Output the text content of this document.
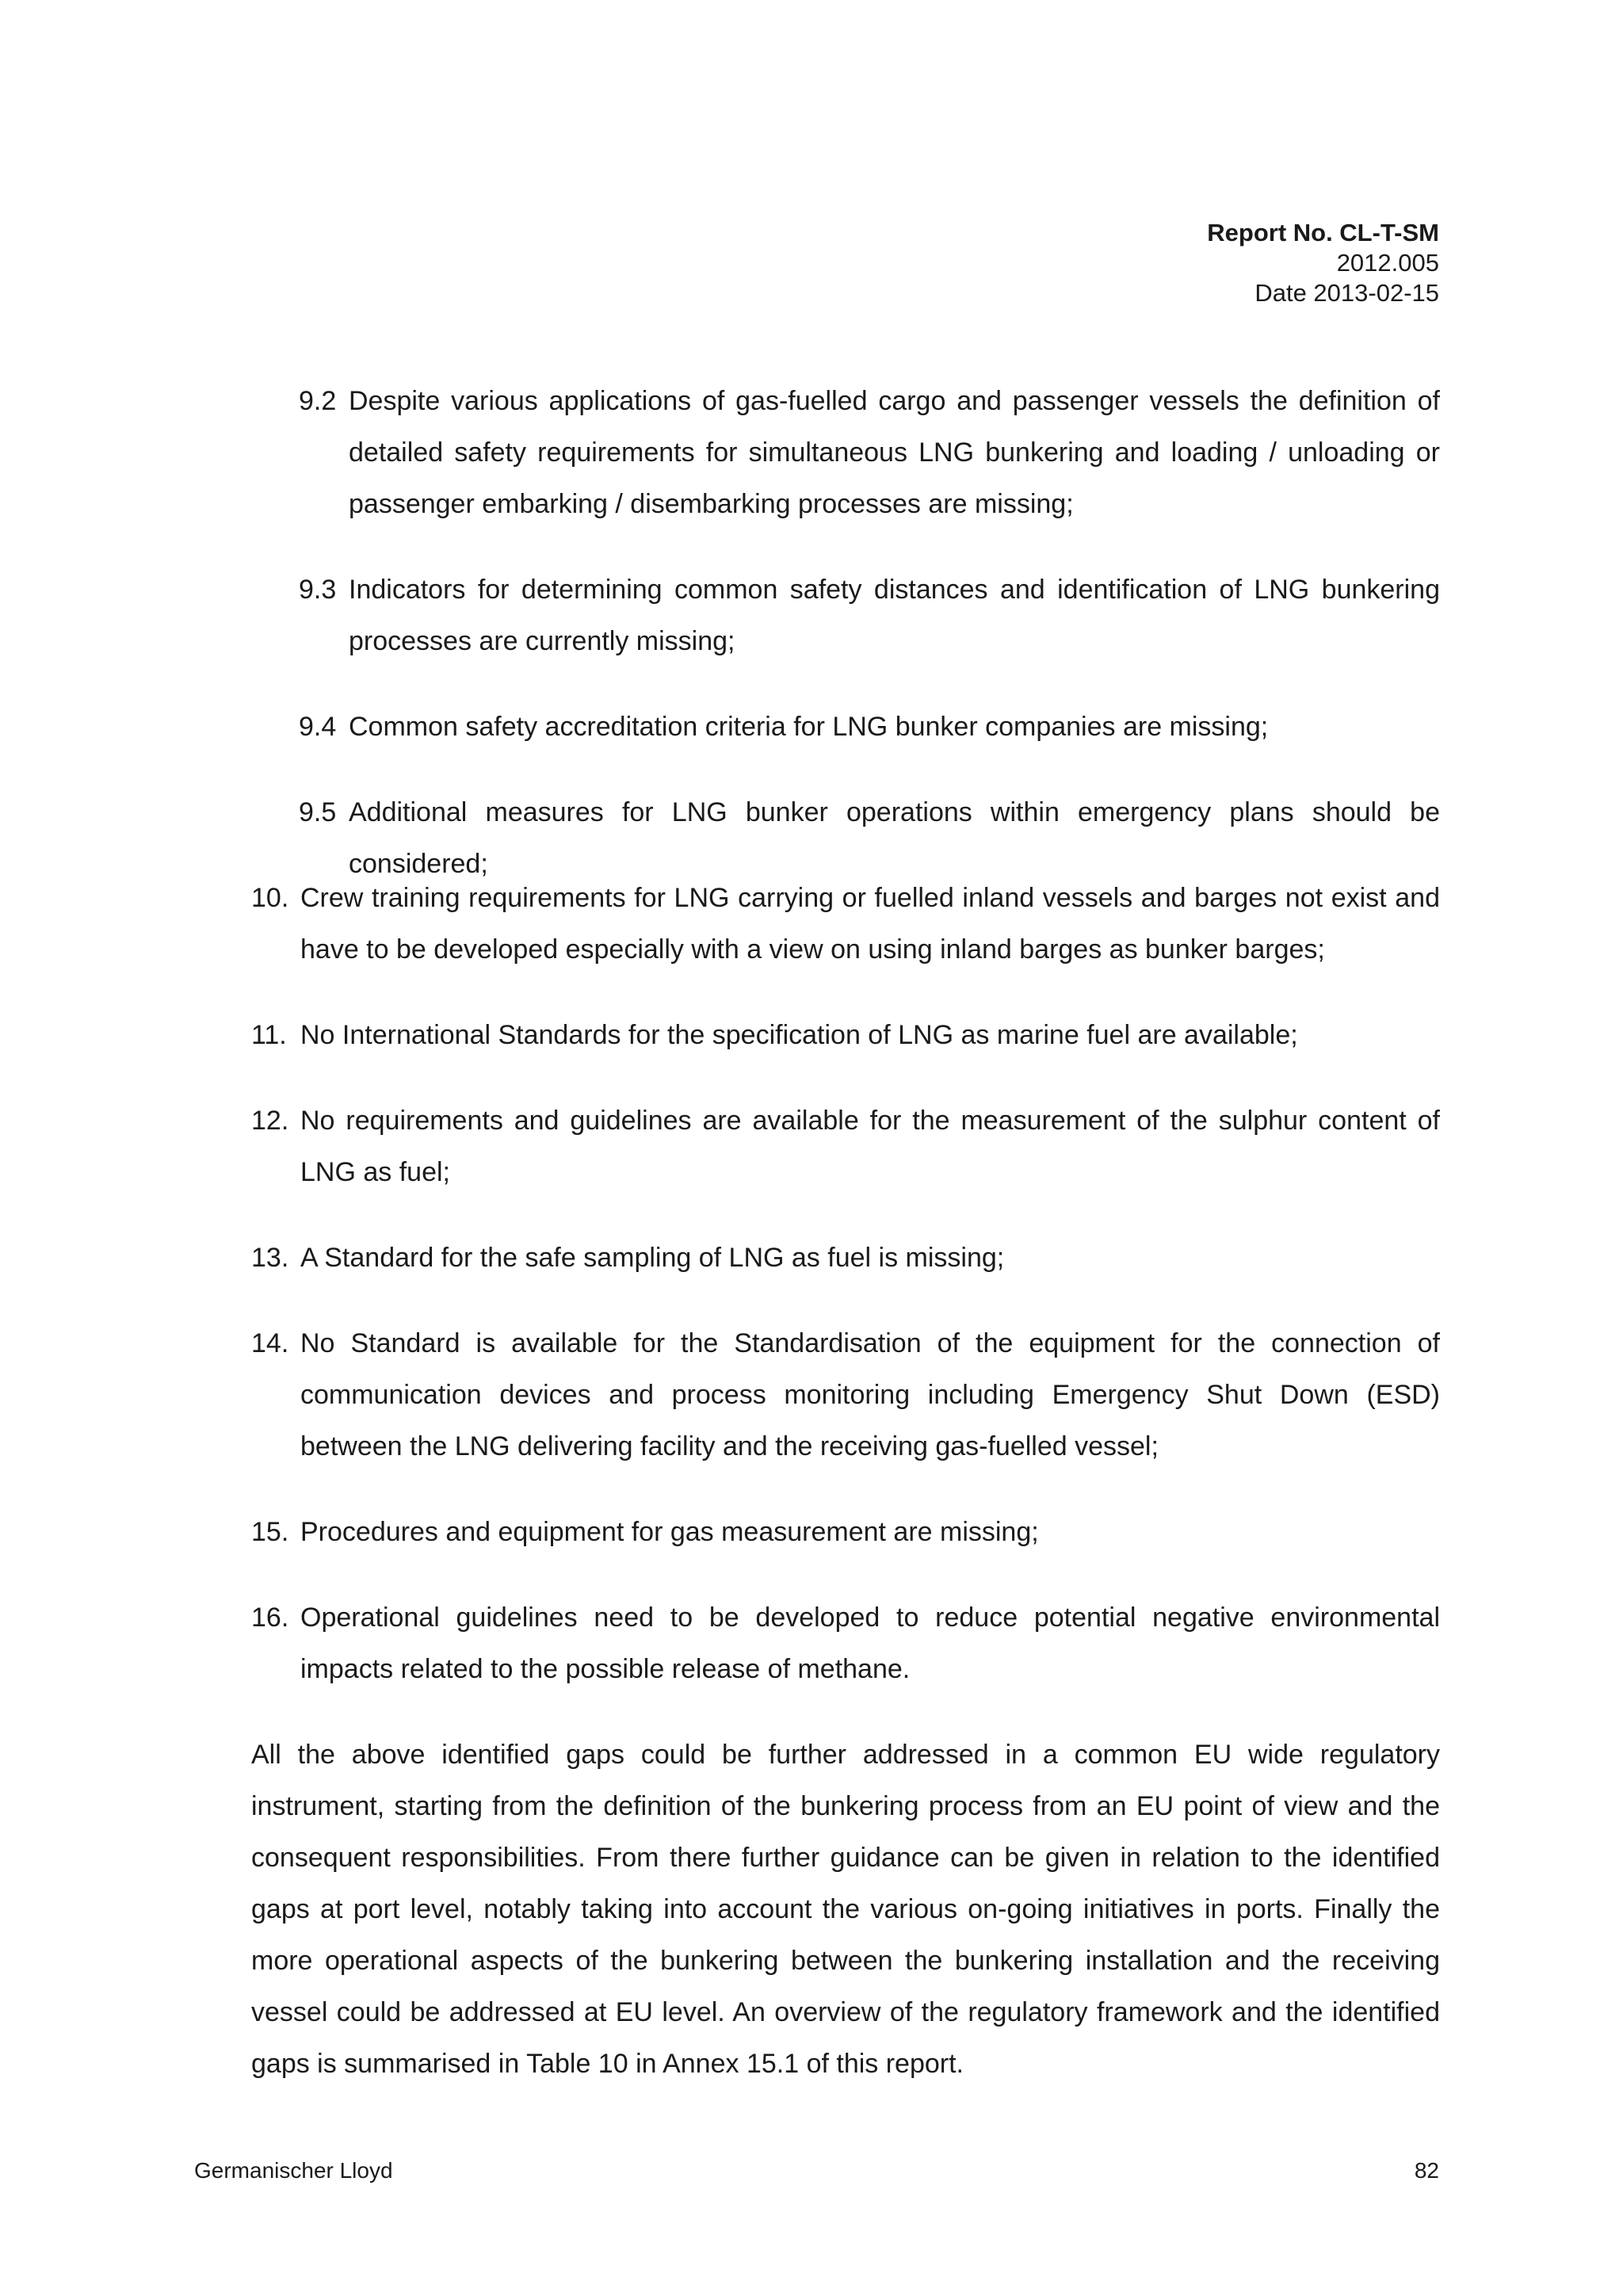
Report No. CL-T-SM
2012.005
Date 2013-02-15
9.2 Despite various applications of gas-fuelled cargo and passenger vessels the definition of detailed safety requirements for simultaneous LNG bunkering and loading / unloading or passenger embarking / disembarking processes are missing;
9.3 Indicators for determining common safety distances and identification of LNG bunkering processes are currently missing;
9.4 Common safety accreditation criteria for LNG bunker companies are missing;
9.5 Additional measures for LNG bunker operations within emergency plans should be considered;
10. Crew training requirements for LNG carrying or fuelled inland vessels and barges not exist and have to be developed especially with a view on using inland barges as bunker barges;
11. No International Standards for the specification of LNG as marine fuel are available;
12. No requirements and guidelines are available for the measurement of the sulphur content of LNG as fuel;
13. A Standard for the safe sampling of LNG as fuel is missing;
14. No Standard is available for the Standardisation of the equipment for the connection of communication devices and process monitoring including Emergency Shut Down (ESD) between the LNG delivering facility and the receiving gas-fuelled vessel;
15. Procedures and equipment for gas measurement are missing;
16. Operational guidelines need to be developed to reduce potential negative environmental impacts related to the possible release of methane.
All the above identified gaps could be further addressed in a common EU wide regulatory instrument, starting from the definition of the bunkering process from an EU point of view and the consequent responsibilities. From there further guidance can be given in relation to the identified gaps at port level, notably taking into account the various on-going initiatives in ports. Finally the more operational aspects of the bunkering between the bunkering installation and the receiving vessel could be addressed at EU level. An overview of the regulatory framework and the identified gaps is summarised in Table 10 in Annex 15.1 of this report.
Germanischer Lloyd	82
